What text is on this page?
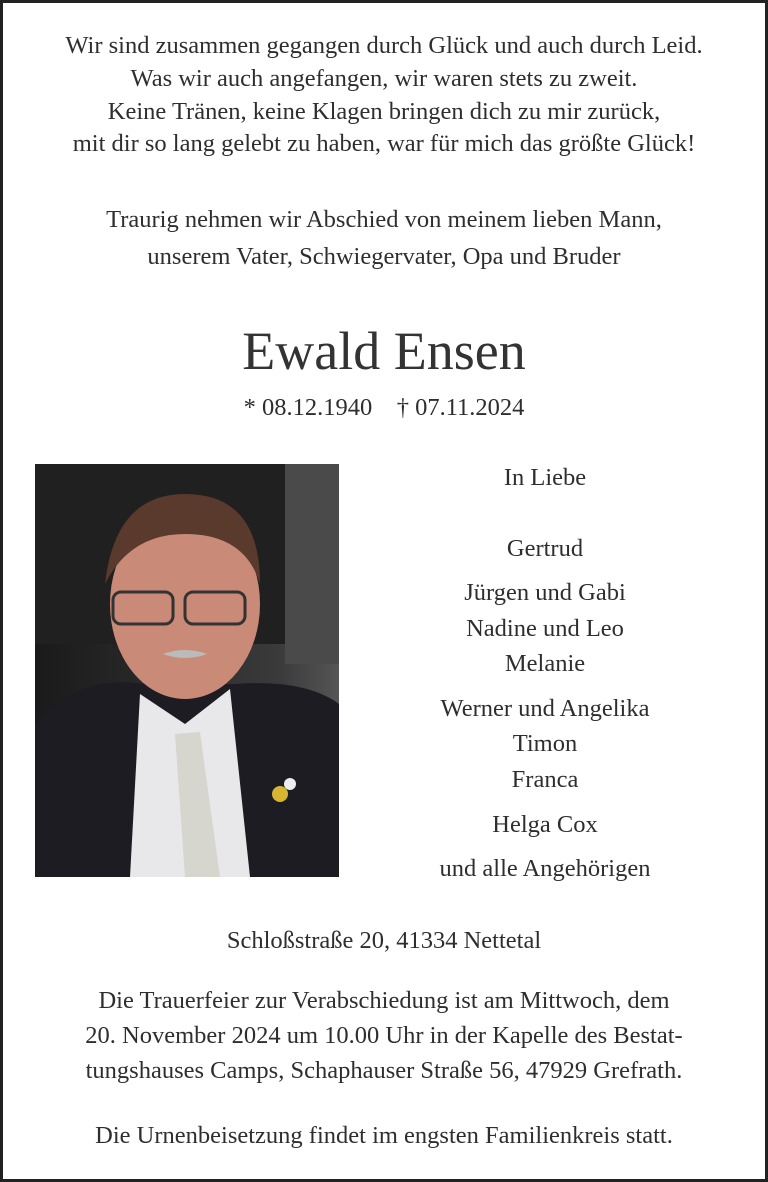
Wir sind zusammen gegangen durch Glück und auch durch Leid.
Was wir auch angefangen, wir waren stets zu zweit.
Keine Tränen, keine Klagen bringen dich zu mir zurück,
mit dir so lang gelebt zu haben, war für mich das größte Glück!
Traurig nehmen wir Abschied von meinem lieben Mann,
unserem Vater, Schwiegervater, Opa und Bruder
Ewald Ensen
* 08.12.1940 † 07.11.2024
In Liebe
Gertrud
Jürgen und Gabi
Nadine und Leo
Melanie
Werner und Angelika
Timon
Franca
Helga Cox
und alle Angehörigen
Schloßstraße 20, 41334 Nettetal
Die Trauerfeier zur Verabschiedung ist am Mittwoch, dem
20. November 2024 um 10.00 Uhr in der Kapelle des Bestat-
tungshauses Camps, Schaphauser Straße 56, 47929 Grefrath.
Die Urnenbeisetzung findet im engsten Familienkreis statt.
